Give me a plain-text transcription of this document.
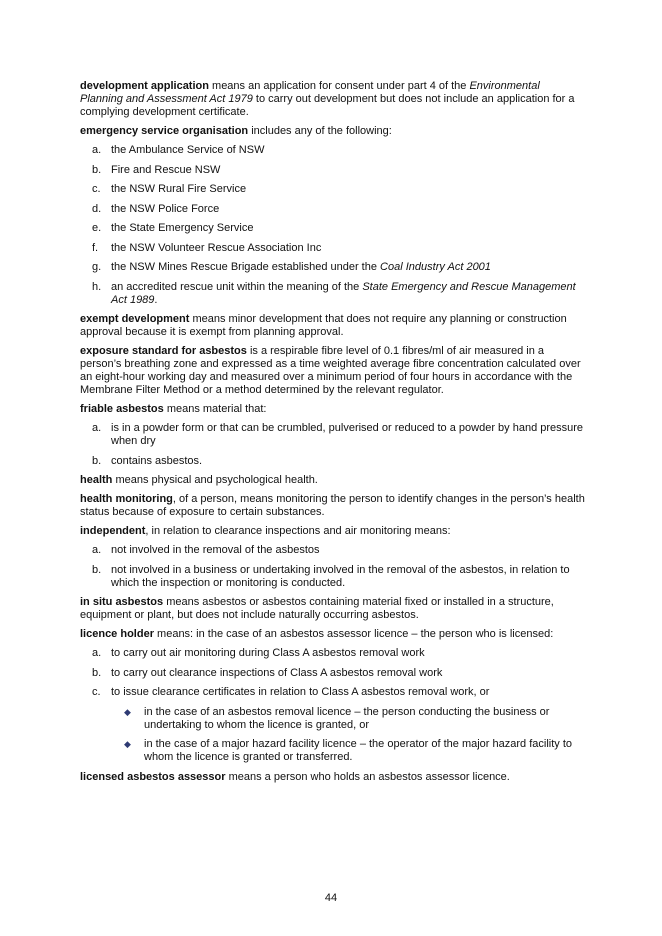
development application means an application for consent under part 4 of the Environmental Planning and Assessment Act 1979 to carry out development but does not include an application for a complying development certificate.

emergency service organisation includes any of the following:

a. the Ambulance Service of NSW
b. Fire and Rescue NSW
c. the NSW Rural Fire Service
d. the NSW Police Force
e. the State Emergency Service
f. the NSW Volunteer Rescue Association Inc
g. the NSW Mines Rescue Brigade established under the Coal Industry Act 2001
h. an accredited rescue unit within the meaning of the State Emergency and Rescue Management Act 1989.

exempt development means minor development that does not require any planning or construction approval because it is exempt from planning approval.

exposure standard for asbestos is a respirable fibre level of 0.1 fibres/ml of air measured in a person’s breathing zone and expressed as a time weighted average fibre concentration calculated over an eight-hour working day and measured over a minimum period of four hours in accordance with the Membrane Filter Method or a method determined by the relevant regulator.

friable asbestos means material that:

a. is in a powder form or that can be crumbled, pulverised or reduced to a powder by hand pressure when dry
b. contains asbestos.

health means physical and psychological health.

health monitoring, of a person, means monitoring the person to identify changes in the person’s health status because of exposure to certain substances.

independent, in relation to clearance inspections and air monitoring means:

a. not involved in the removal of the asbestos
b. not involved in a business or undertaking involved in the removal of the asbestos, in relation to which the inspection or monitoring is conducted.

in situ asbestos means asbestos or asbestos containing material fixed or installed in a structure, equipment or plant, but does not include naturally occurring asbestos.

licence holder means: in the case of an asbestos assessor licence – the person who is licensed:

a. to carry out air monitoring during Class A asbestos removal work
b. to carry out clearance inspections of Class A asbestos removal work
c. to issue clearance certificates in relation to Class A asbestos removal work, or
◆ in the case of an asbestos removal licence – the person conducting the business or undertaking to whom the licence is granted, or
◆ in the case of a major hazard facility licence – the operator of the major hazard facility to whom the licence is granted or transferred.

licensed asbestos assessor means a person who holds an asbestos assessor licence.

44
